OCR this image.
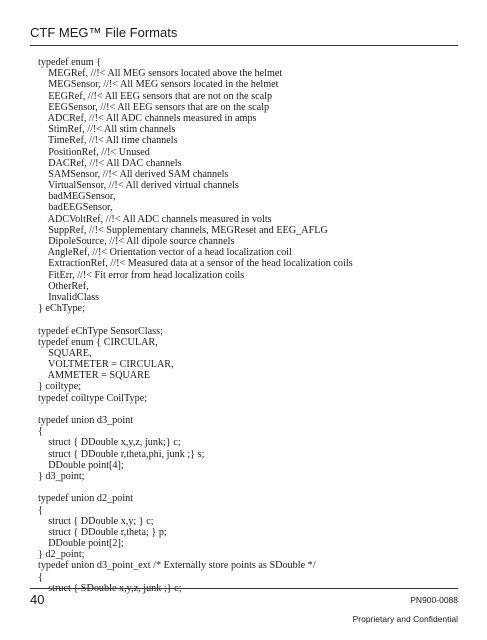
CTF MEG™ File Formats
typedef enum {
MEGRef, //!< All MEG sensors located above the helmet
MEGSensor, //!< All MEG sensors located in the helmet
EEGRef, //!< All EEG sensors that are not on the scalp
EEGSensor, //!< All EEG sensors that are on the scalp
ADCRef, //!< All ADC channels measured in amps
StimRef, //!< All stim channels
TimeRef, //!< All time channels
PositionRef, //!< Unused
DACRef, //!< All DAC channels
SAMSensor, //!< All derived SAM channels
VirtualSensor, //!< All derived virtual channels
badMEGSensor,
badEEGSensor,
ADCVoltRef, //!< All ADC channels measured in volts
SuppRef, //!< Supplementary channels, MEGReset and EEG_AFLG
DipoleSource, //!< All dipole source channels
AngleRef, //!< Orientation vector of a head localization coil
ExtractionRef, //!< Measured data at a sensor of the head localization coils
FitErr, //!< Fit error from head localization coils
OtherRef,
InvalidClass
} eChType;
typedef eChType SensorClass;
typedef enum { CIRCULAR,
SQUARE,
VOLTMETER = CIRCULAR,
AMMETER = SQUARE
} coiltype;
typedef coiltype CoilType;
typedef union d3_point
{
struct { DDouble x,y,z, junk;} c;
struct { DDouble r,theta,phi, junk ;} s;
DDouble point[4];
} d3_point;
typedef union d2_point
{
struct { DDouble x,y; } c;
struct { DDouble r,theta; } p;
DDouble point[2];
} d2_point;
typedef union d3_point_ext /* Externally store points as SDouble */
{
struct { SDouble x,y,z, junk ;} c;
40	PN900-0088
Proprietary and Confidential
